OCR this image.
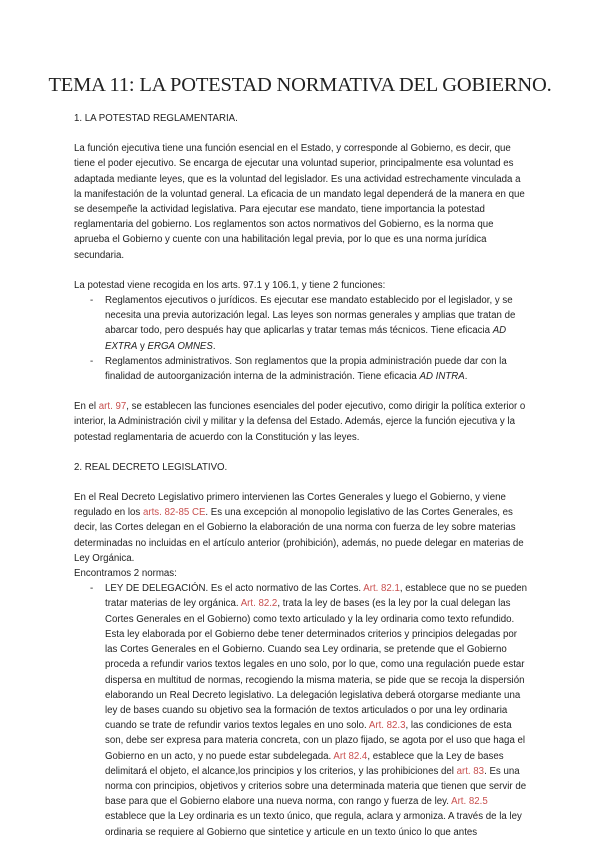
TEMA 11: LA POTESTAD NORMATIVA DEL GOBIERNO.

1. LA POTESTAD REGLAMENTARIA.

La función ejecutiva tiene una función esencial en el Estado, y corresponde al Gobierno, es decir, que tiene el poder ejecutivo. Se encarga de ejecutar una voluntad superior, principalmente esa voluntad es adaptada mediante leyes, que es la voluntad del legislador. Es una actividad estrechamente vinculada a la manifestación de la voluntad general. La eficacia de un mandato legal dependerá de la manera en que se desempeñe la actividad legislativa. Para ejecutar ese mandato, tiene importancia la potestad reglamentaria del gobierno. Los reglamentos son actos normativos del Gobierno, es la norma que aprueba el Gobierno y cuente con una habilitación legal previa, por lo que es una norma jurídica secundaria.

La potestad viene recogida en los arts. 97.1 y 106.1, y tiene 2 funciones:

- Reglamentos ejecutivos o jurídicos. Es ejecutar ese mandato establecido por el legislador, y se necesita una previa autorización legal. Las leyes son normas generales y amplias que tratan de abarcar todo, pero después hay que aplicarlas y tratar temas más técnicos. Tiene eficacia AD EXTRA y ERGA OMNES.
- Reglamentos administrativos. Son reglamentos que la propia administración puede dar con la finalidad de autoorganización interna de la administración. Tiene eficacia AD INTRA.

En el art. 97, se establecen las funciones esenciales del poder ejecutivo, como dirigir la política exterior o interior, la Administración civil y militar y la defensa del Estado. Además, ejerce la función ejecutiva y la potestad reglamentaria de acuerdo con la Constitución y las leyes.

2. REAL DECRETO LEGISLATIVO.

En el Real Decreto Legislativo primero intervienen las Cortes Generales y luego el Gobierno, y viene regulado en los arts. 82-85 CE. Es una excepción al monopolio legislativo de las Cortes Generales, es decir, las Cortes delegan en el Gobierno la elaboración de una norma con fuerza de ley sobre materias determinadas no incluidas en el artículo anterior (prohibición), además, no puede delegar en materias de Ley Orgánica.

Encontramos 2 normas:

- LEY DE DELEGACIÓN. Es el acto normativo de las Cortes. Art. 82.1, establece que no se pueden tratar materias de ley orgánica. Art. 82.2, trata la ley de bases (es la ley por la cual delegan las Cortes Generales en el Gobierno) como texto articulado y la ley ordinaria como texto refundido. Esta ley elaborada por el Gobierno debe tener determinados criterios y principios delegadas por las Cortes Generales en el Gobierno. Cuando sea Ley ordinaria, se pretende que el Gobierno proceda a refundir varios textos legales en uno solo, por lo que, como una regulación puede estar dispersa en multitud de normas, recogiendo la misma materia, se pide que se recoja la dispersión elaborando un Real Decreto legislativo. La delegación legislativa deberá otorgarse mediante una ley de bases cuando su objetivo sea la formación de textos articulados o por una ley ordinaria cuando se trate de refundir varios textos legales en uno solo. Art. 82.3, las condiciones de esta son, debe ser expresa para materia concreta, con un plazo fijado, se agota por el uso que haga el Gobierno en un acto, y no puede estar subdelegada. Art 82.4, establece que la Ley de bases delimitará el objeto, el alcance,los principios y los criterios, y las prohibiciones del art. 83. Es una norma con principios, objetivos y criterios sobre una determinada materia que tienen que servir de base para que el Gobierno elabore una nueva norma, con rango y fuerza de ley. Art. 82.5 establece que la Ley ordinaria es un texto único, que regula, aclara y armoniza. A través de la ley ordinaria se requiere al Gobierno que sintetice y articule en un texto único lo que antes
